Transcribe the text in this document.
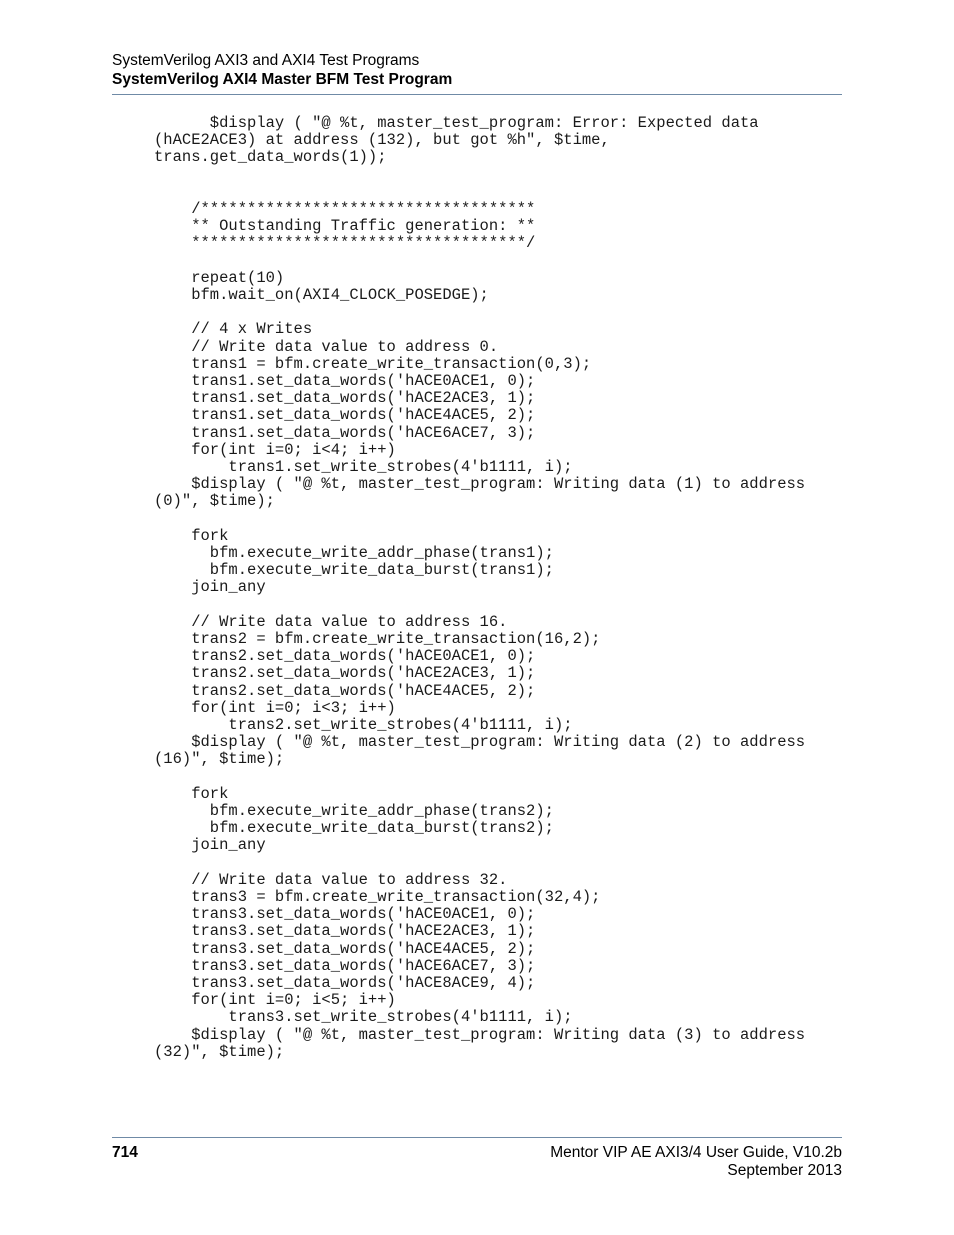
SystemVerilog AXI3 and AXI4 Test Programs
SystemVerilog AXI4 Master BFM Test Program
$display ( "@ %t, master_test_program: Error: Expected data
(hACE2ACE3) at address (132), but got %h", $time,
trans.get_data_words(1));
/************************************
** Outstanding Traffic generation: **
************************************/
repeat(10)
bfm.wait_on(AXI4_CLOCK_POSEDGE);
// 4 x Writes
// Write data value to address 0.
trans1 = bfm.create_write_transaction(0,3);
trans1.set_data_words('hACE0ACE1, 0);
trans1.set_data_words('hACE2ACE3, 1);
trans1.set_data_words('hACE4ACE5, 2);
trans1.set_data_words('hACE6ACE7, 3);
for(int i=0; i<4; i++)
trans1.set_write_strobes(4'b1111, i);
$display ( "@ %t, master_test_program: Writing data (1) to address
(0)", $time);
fork
bfm.execute_write_addr_phase(trans1);
bfm.execute_write_data_burst(trans1);
join_any
// Write data value to address 16.
trans2 = bfm.create_write_transaction(16,2);
trans2.set_data_words('hACE0ACE1, 0);
trans2.set_data_words('hACE2ACE3, 1);
trans2.set_data_words('hACE4ACE5, 2);
for(int i=0; i<3; i++)
trans2.set_write_strobes(4'b1111, i);
$display ( "@ %t, master_test_program: Writing data (2) to address
(16)", $time);
fork
bfm.execute_write_addr_phase(trans2);
bfm.execute_write_data_burst(trans2);
join_any
// Write data value to address 32.
trans3 = bfm.create_write_transaction(32,4);
trans3.set_data_words('hACE0ACE1, 0);
trans3.set_data_words('hACE2ACE3, 1);
trans3.set_data_words('hACE4ACE5, 2);
trans3.set_data_words('hACE6ACE7, 3);
trans3.set_data_words('hACE8ACE9, 4);
for(int i=0; i<5; i++)
trans3.set_write_strobes(4'b1111, i);
$display ( "@ %t, master_test_program: Writing data (3) to address
(32)", $time);
714	Mentor VIP AE AXI3/4 User Guide, V10.2b
September 2013
